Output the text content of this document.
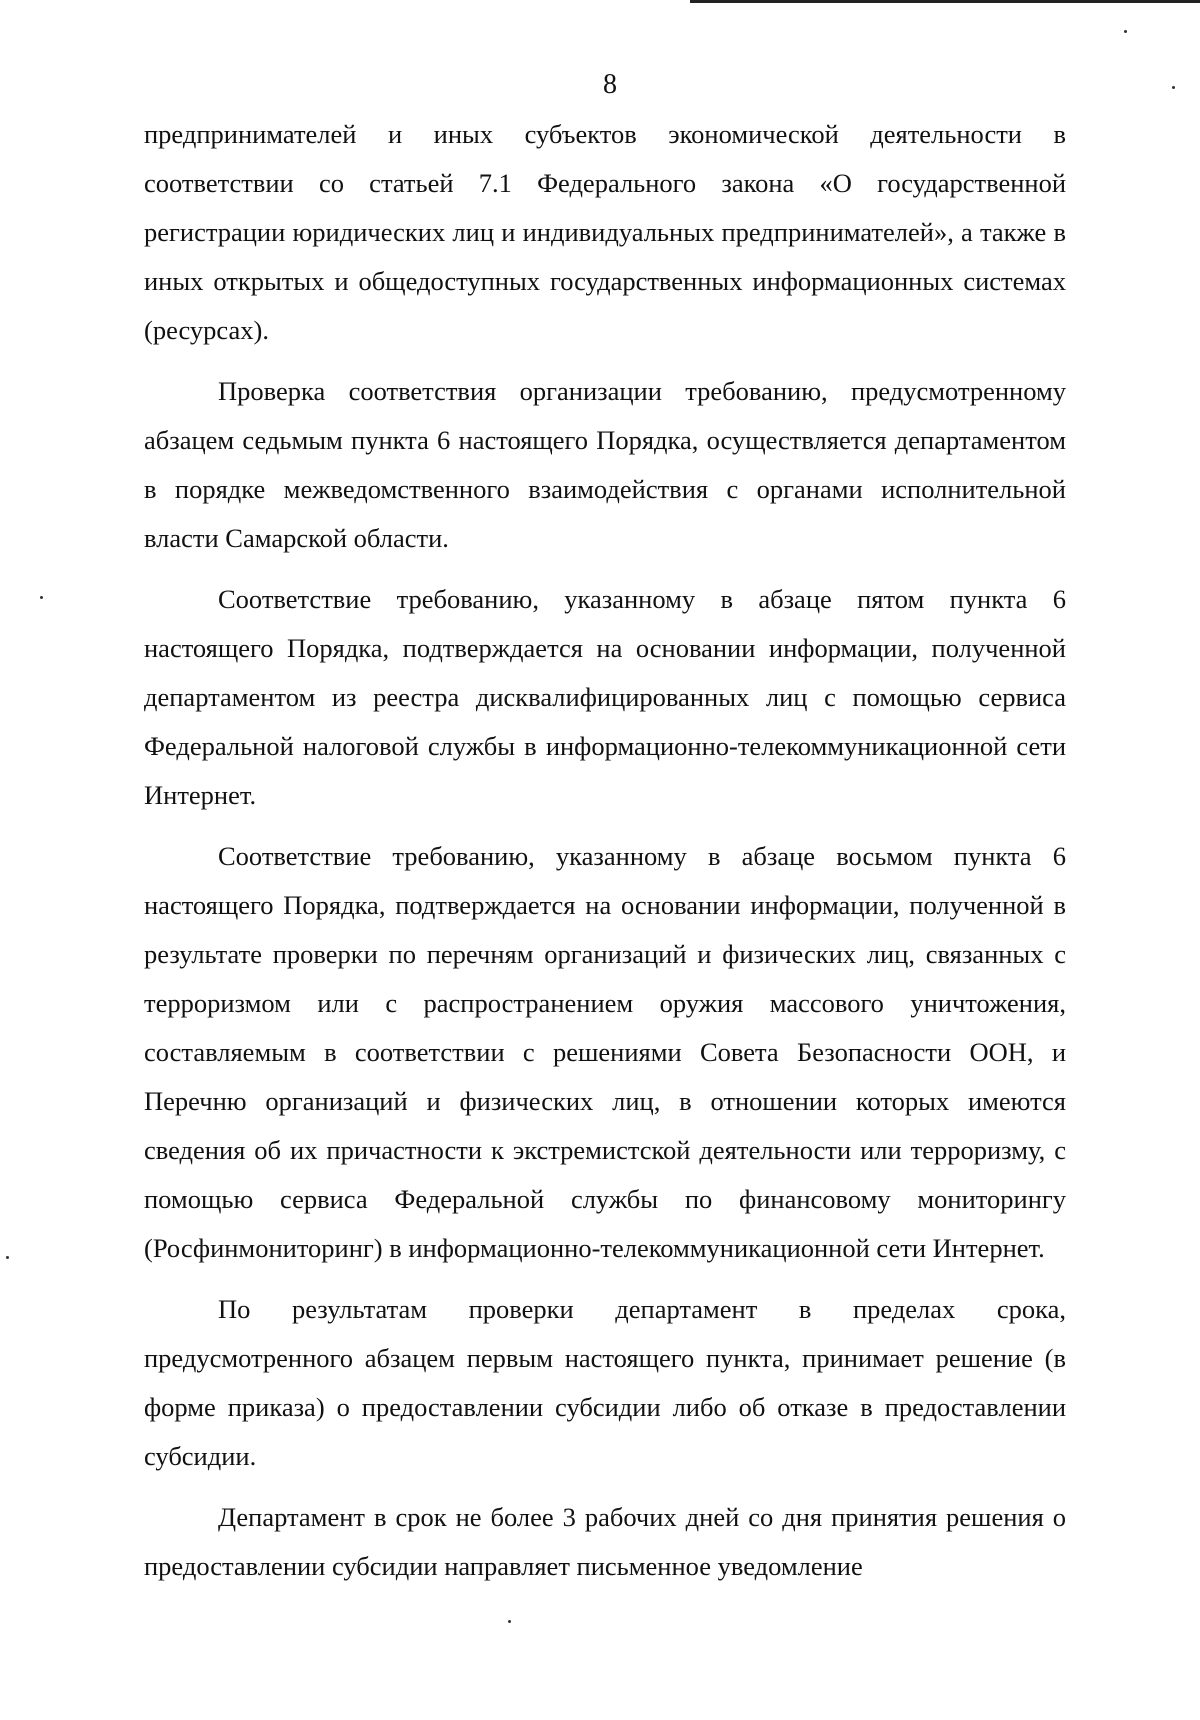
8

предпринимателей и иных субъектов экономической деятельности в соответствии со статьей 7.1 Федерального закона «О государственной регистрации юридических лиц и индивидуальных предпринимателей», а также в иных открытых и общедоступных государственных информационных системах (ресурсах).

Проверка соответствия организации требованию, предусмотренному абзацем седьмым пункта 6 настоящего Порядка, осуществляется департаментом в порядке межведомственного взаимодействия с органами исполнительной власти Самарской области.

Соответствие требованию, указанному в абзаце пятом пункта 6 настоящего Порядка, подтверждается на основании информации, полученной департаментом из реестра дисквалифицированных лиц с помощью сервиса Федеральной налоговой службы в информационно-телекоммуникационной сети Интернет.

Соответствие требованию, указанному в абзаце восьмом пункта 6 настоящего Порядка, подтверждается на основании информации, полученной в результате проверки по перечням организаций и физических лиц, связанных с терроризмом или с распространением оружия массового уничтожения, составляемым в соответствии с решениями Совета Безопасности ООН, и Перечню организаций и физических лиц, в отношении которых имеются сведения об их причастности к экстремистской деятельности или терроризму, с помощью сервиса Федеральной службы по финансовому мониторингу (Росфинмониторинг) в информационно-телекоммуникационной сети Интернет.

По результатам проверки департамент в пределах срока, предусмотренного абзацем первым настоящего пункта, принимает решение (в форме приказа) о предоставлении субсидии либо об отказе в предоставлении субсидии.

Департамент в срок не более 3 рабочих дней со дня принятия решения о предоставлении субсидии направляет письменное уведомление
